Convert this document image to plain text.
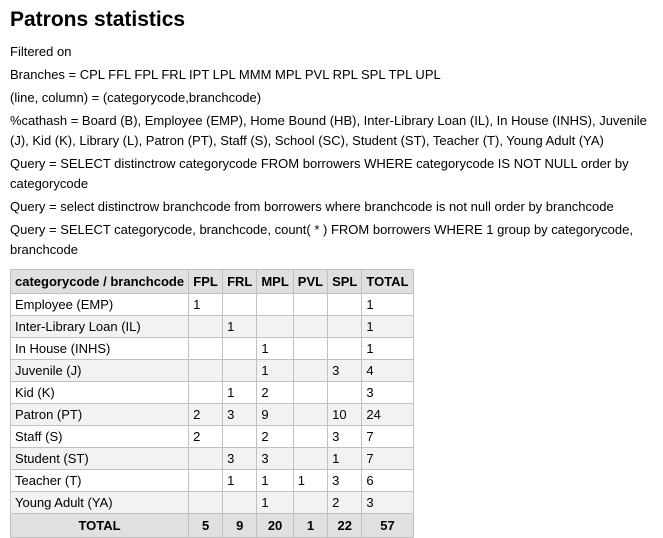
Patrons statistics

Filtered on

Branches = CPL FFL FPL FRL IPT LPL MMM MPL PVL RPL SPL TPL UPL

(line, column) = (categorycode,branchcode)

%cathash = Board (B), Employee (EMP), Home Bound (HB), Inter-Library Loan (IL), In House (INHS), Juvenile (J), Kid (K), Library (L), Patron (PT), Staff (S), School (SC), Student (ST), Teacher (T), Young Adult (YA)

Query = SELECT distinctrow categorycode FROM borrowers WHERE categorycode IS NOT NULL order by categorycode

Query = select distinctrow branchcode from borrowers where branchcode is not null order by branchcode

Query = SELECT categorycode, branchcode, count( * ) FROM borrowers WHERE 1 group by categorycode, branchcode

categorycode / branchcode	FPL	FRL	MPL	PVL	SPL	TOTAL
Employee (EMP)	1					1
Inter-Library Loan (IL)		1				1
In House (INHS)			1			1
Juvenile (J)			1		3	4
Kid (K)		1	2			3
Patron (PT)	2	3	9		10	24
Staff (S)	2		2		3	7
Student (ST)		3	3		1	7
Teacher (T)		1	1	1	3	6
Young Adult (YA)			1		2	3
TOTAL	5	9	20	1	22	57
